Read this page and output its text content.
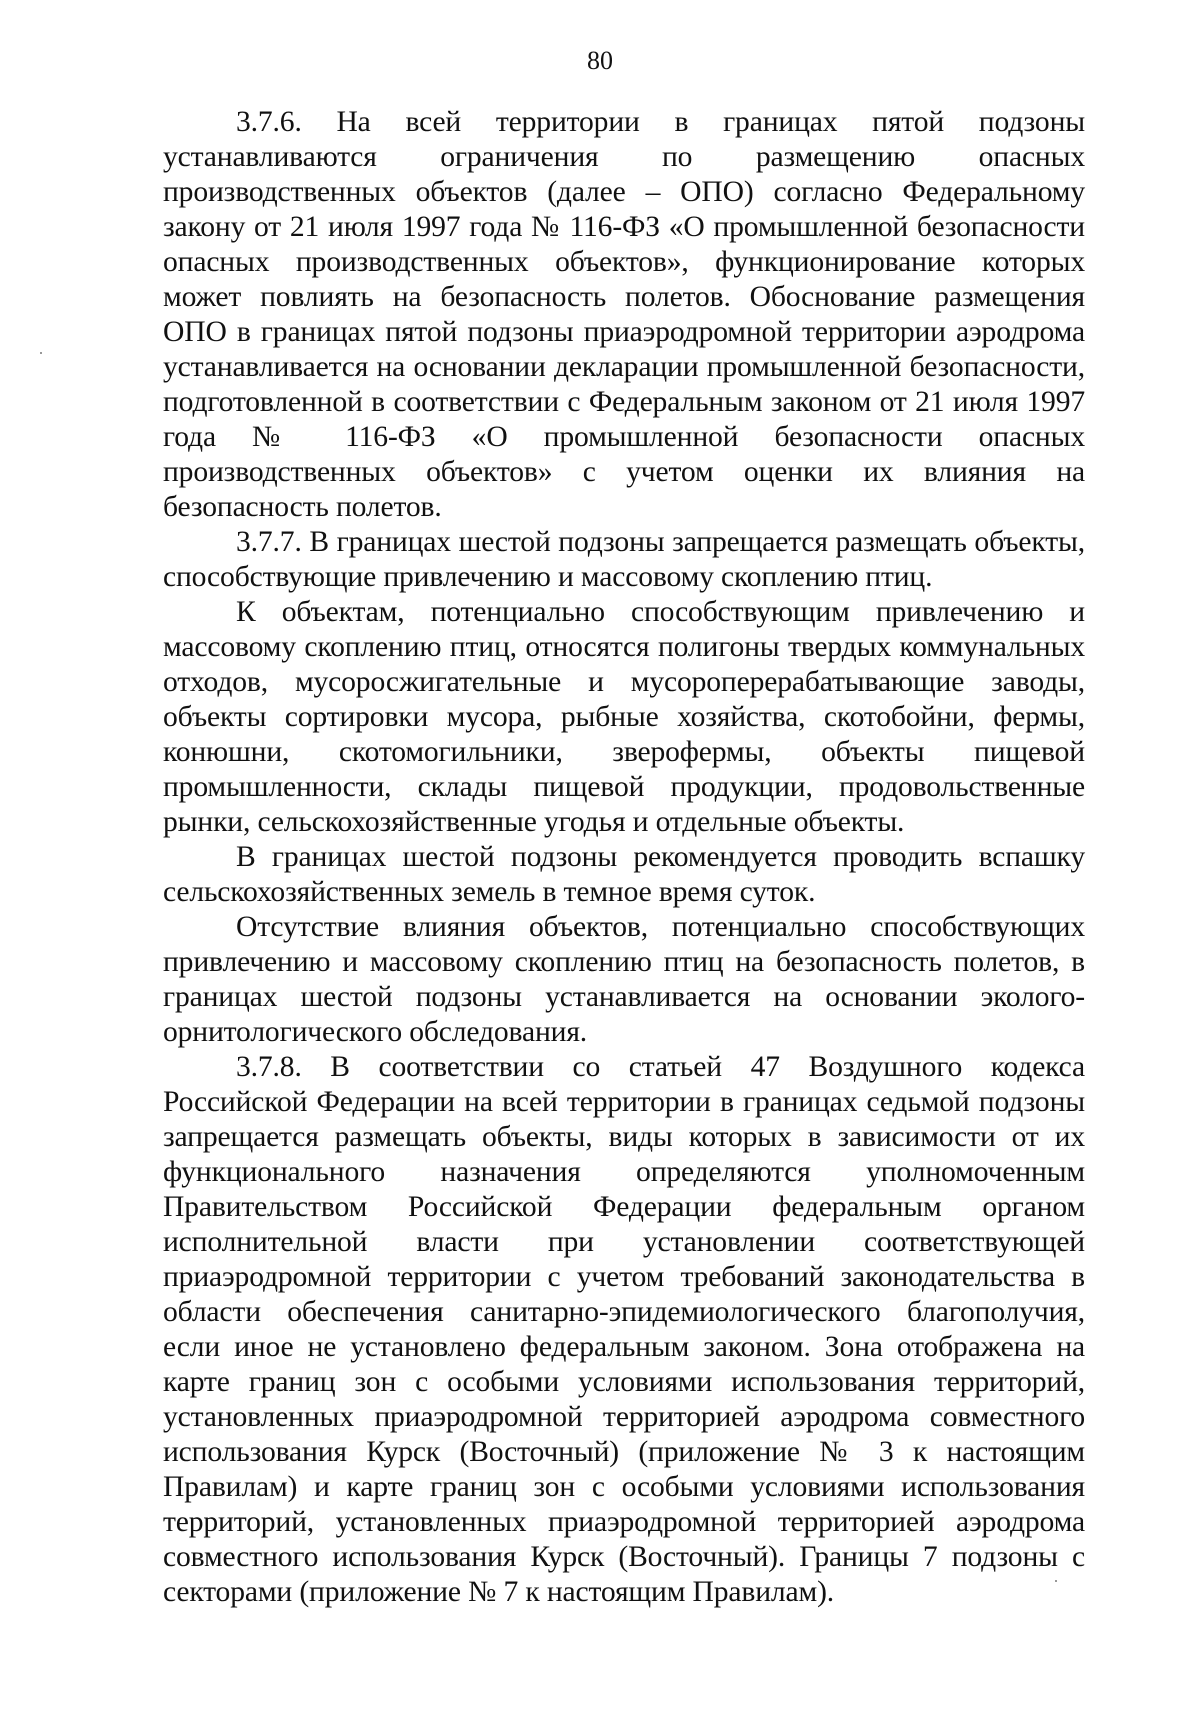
80

3.7.6. На всей территории в границах пятой подзоны устанавливаются ограничения по размещению опасных производственных объектов (далее – ОПО) согласно Федеральному закону от 21 июля 1997 года № 116-ФЗ «О промышленной безопасности опасных производственных объектов», функционирование которых может повлиять на безопасность полетов. Обоснование размещения ОПО в границах пятой подзоны приаэродромной территории аэродрома устанавливается на основании декларации промышленной безопасности, подготовленной в соответствии с Федеральным законом от 21 июля 1997 года № 116-ФЗ «О промышленной безопасности опасных производственных объектов» с учетом оценки их влияния на безопасность полетов.

3.7.7. В границах шестой подзоны запрещается размещать объекты, способствующие привлечению и массовому скоплению птиц.

К объектам, потенциально способствующим привлечению и массовому скоплению птиц, относятся полигоны твердых коммунальных отходов, мусоросжигательные и мусороперерабатывающие заводы, объекты сортировки мусора, рыбные хозяйства, скотобойни, фермы, конюшни, скотомогильники, зверофермы, объекты пищевой промышленности, склады пищевой продукции, продовольственные рынки, сельскохозяйственные угодья и отдельные объекты.

В границах шестой подзоны рекомендуется проводить вспашку сельскохозяйственных земель в темное время суток.

Отсутствие влияния объектов, потенциально способствующих привлечению и массовому скоплению птиц на безопасность полетов, в границах шестой подзоны устанавливается на основании эколого-орнитологического обследования.

3.7.8. В соответствии со статьей 47 Воздушного кодекса Российской Федерации на всей территории в границах седьмой подзоны запрещается размещать объекты, виды которых в зависимости от их функционального назначения определяются уполномоченным Правительством Российской Федерации федеральным органом исполнительной власти при установлении соответствующей приаэродромной территории с учетом требований законодательства в области обеспечения санитарно-эпидемиологического благополучия, если иное не установлено федеральным законом. Зона отображена на карте границ зон с особыми условиями использования территорий, установленных приаэродромной территорией аэродрома совместного использования Курск (Восточный) (приложение № 3 к настоящим Правилам) и карте границ зон с особыми условиями использования территорий, установленных приаэродромной территорией аэродрома совместного использования Курск (Восточный). Границы 7 подзоны с секторами (приложение № 7 к настоящим Правилам).
